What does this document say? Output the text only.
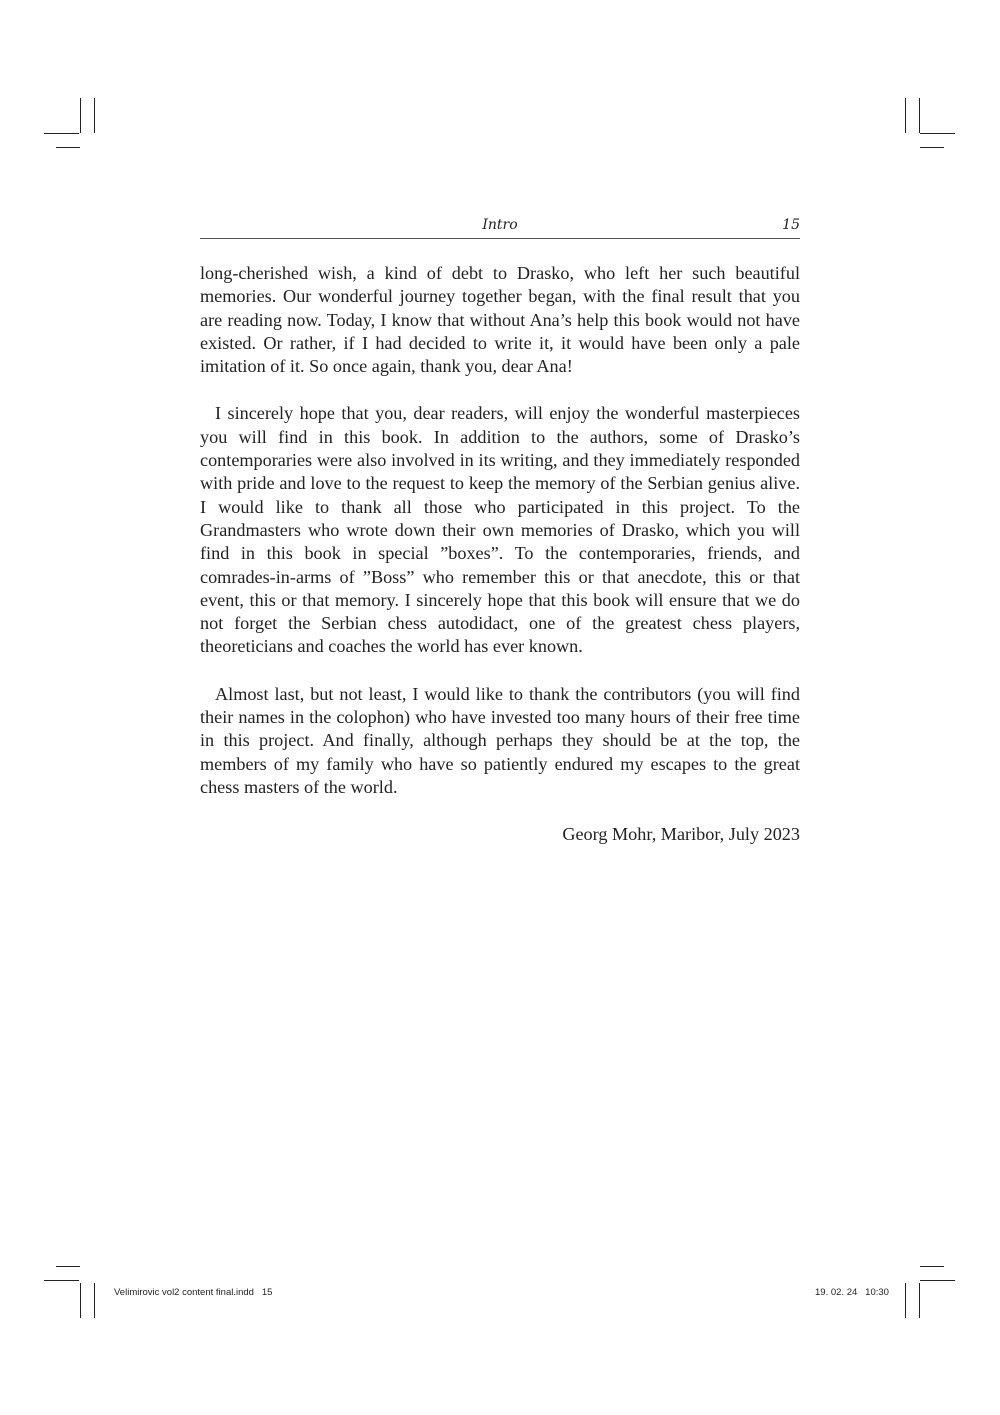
Intro	15

long-cherished wish, a kind of debt to Drasko, who left her such beautiful memories. Our wonderful journey together began, with the final result that you are reading now. Today, I know that without Ana’s help this book would not have existed. Or rather, if I had decided to write it, it would have been only a pale imitation of it. So once again, thank you, dear Ana!

I sincerely hope that you, dear readers, will enjoy the wonderful masterpieces you will find in this book. In addition to the authors, some of Drasko’s contemporaries were also involved in its writing, and they immediately responded with pride and love to the request to keep the memory of the Serbian genius alive. I would like to thank all those who participated in this project. To the Grandmasters who wrote down their own memories of Drasko, which you will find in this book in special ”boxes”. To the contemporaries, friends, and comrades-in-arms of ”Boss” who remember this or that anecdote, this or that event, this or that memory. I sincerely hope that this book will ensure that we do not forget the Serbian chess autodidact, one of the greatest chess players, theoreticians and coaches the world has ever known.

Almost last, but not least, I would like to thank the contributors (you will find their names in the colophon) who have invested too many hours of their free time in this project. And finally, although perhaps they should be at the top, the members of my family who have so patiently endured my escapes to the great chess masters of the world.

Georg Mohr, Maribor, July 2023

Velimirovic vol2 content final.indd   15	19. 02. 24   10:30
